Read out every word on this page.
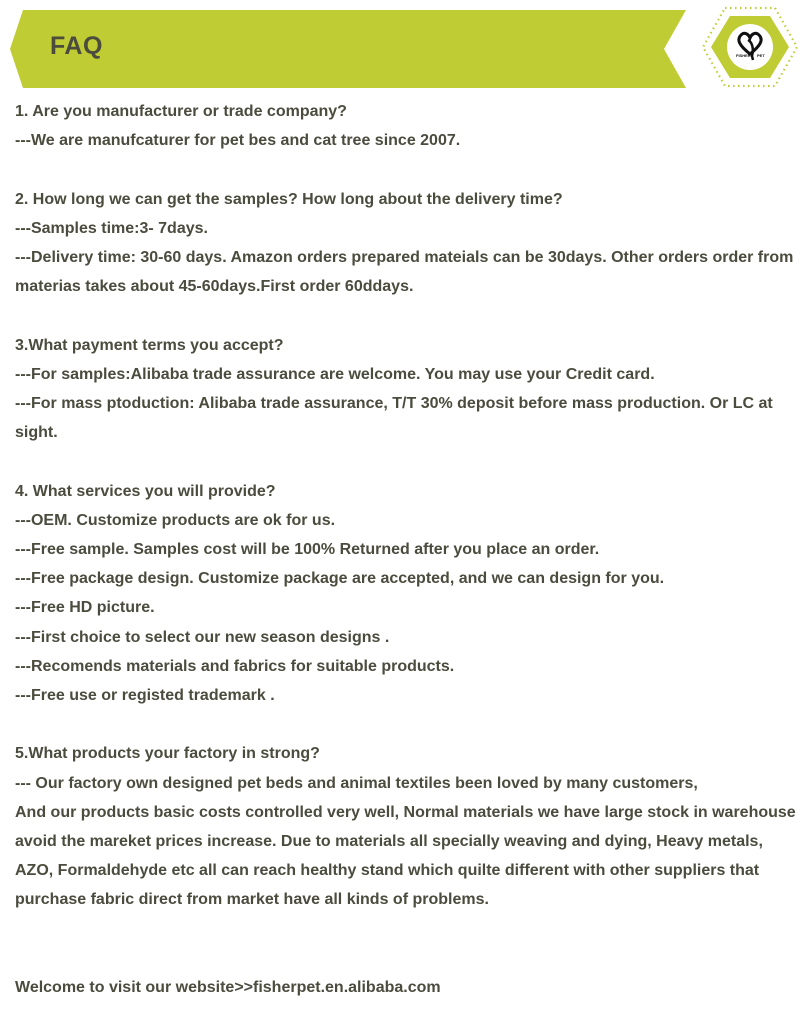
FAQ	FISHER PET
1. Are you manufacturer or trade company?
---We are manufcaturer for pet bes and cat tree since 2007.
2. How long we can get the samples? How long about the delivery time?
---Samples time:3- 7days.
---Delivery time: 30-60 days. Amazon orders prepared mateials can be 30days. Other orders order from materias takes about 45-60days.First order 60ddays.
3.What payment terms you accept?
---For samples:Alibaba trade assurance are welcome. You may use your Credit card.
---For mass ptoduction: Alibaba trade assurance, T/T 30% deposit before mass production. Or LC at sight.
4. What services you will provide?
---OEM. Customize products are ok for us.
---Free sample. Samples cost will be 100% Returned after you place an order.
---Free package design. Customize package are accepted, and we can design for you.
---Free HD picture.
---First choice to select our new season designs .
---Recomends materials and fabrics for suitable products.
---Free use or registed trademark .
5.What products your factory in strong?
--- Our factory own designed pet beds and animal textiles been loved by many customers,
And our products basic costs controlled very well, Normal materials we have large stock in warehouse avoid the mareket prices increase. Due to materials all specially weaving and dying, Heavy metals, AZO, Formaldehyde etc all can reach healthy stand which quilte different with other suppliers that purchase fabric direct from market have all kinds of problems.
Welcome to visit our website>>fisherpet.en.alibaba.com
